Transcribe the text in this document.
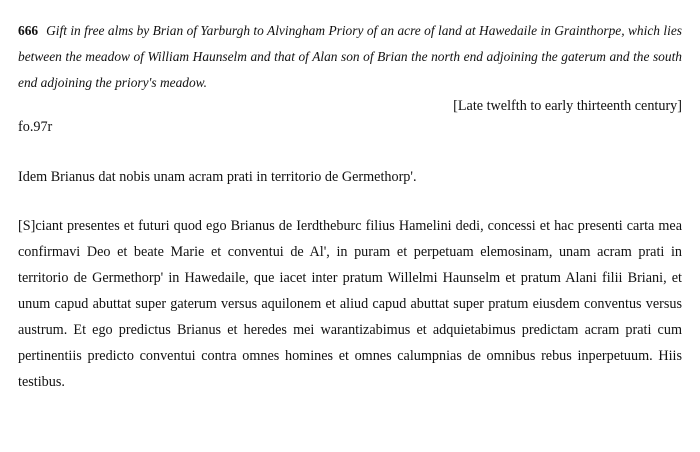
666 Gift in free alms by Brian of Yarburgh to Alvingham Priory of an acre of land at Hawedaile in Grainthorpe, which lies between the meadow of William Haunselm and that of Alan son of Brian the north end adjoining the gaterum and the south end adjoining the priory's meadow.

[Late twelfth to early thirteenth century]

fo.97r

Idem Brianus dat nobis unam acram prati in territorio de Germethorp'.

[S]ciant presentes et futuri quod ego Brianus de Ierdtheburc filius Hamelini dedi, concessi et hac presenti carta mea confirmavi Deo et beate Marie et conventui de Al', in puram et perpetuam elemosinam, unam acram prati in territorio de Germethorp' in Hawedaile, que iacet inter pratum Willelmi Haunselm et pratum Alani filii Briani, et unum capud abuttat super gaterum versus aquilonem et aliud capud abuttat super pratum eiusdem conventus versus austrum. Et ego predictus Brianus et heredes mei warantizabimus et adquietabimus predictam acram prati cum pertinentiis predicto conventui contra omnes homines et omnes calumpnias de omnibus rebus inperpetuum. Hiis testibus.
